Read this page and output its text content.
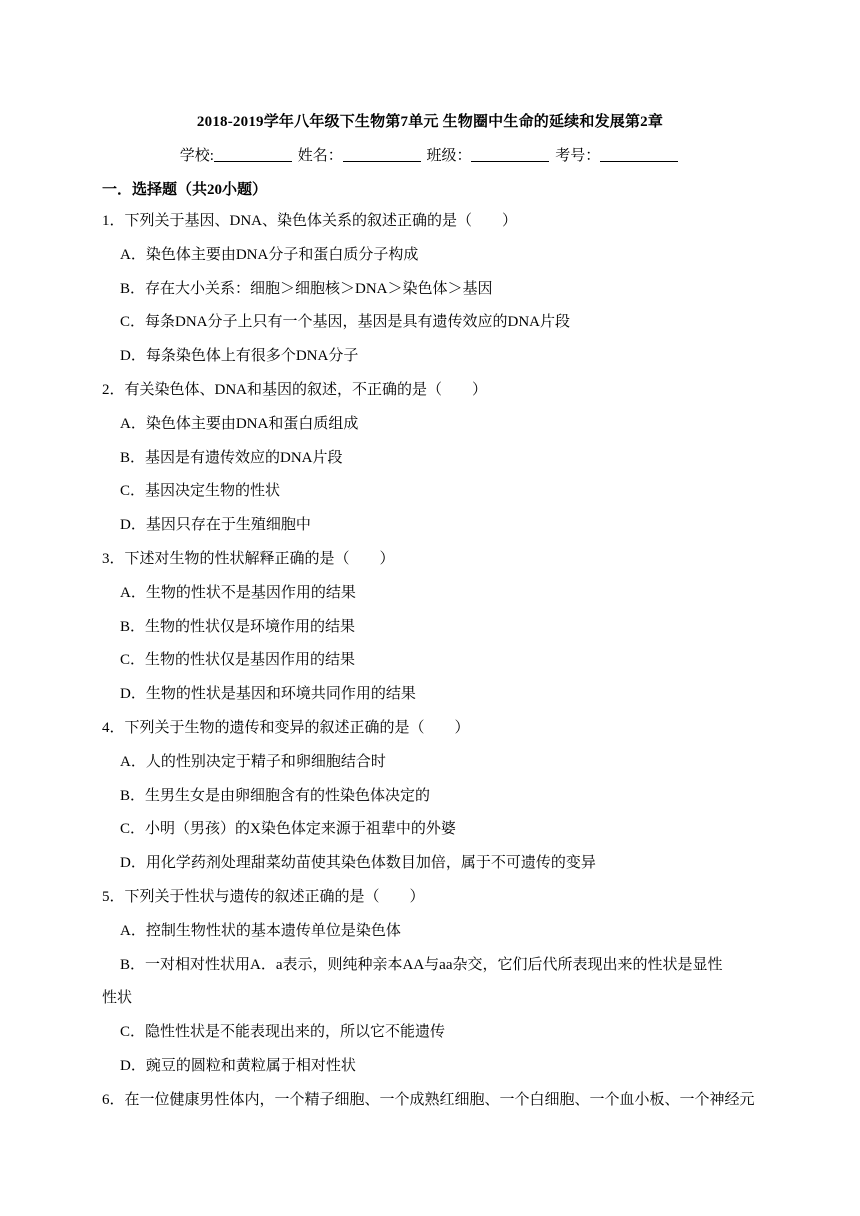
2018-2019学年八年级下生物第7单元 生物圈中生命的延续和发展第2章
学校:	姓名：	班级：	考号：
一．选择题（共20小题）
1．下列关于基因、DNA、染色体关系的叙述正确的是（　　）
A．染色体主要由DNA分子和蛋白质分子构成
B．存在大小关系：细胞＞细胞核＞DNA＞染色体＞基因
C．每条DNA分子上只有一个基因，基因是具有遗传效应的DNA片段
D．每条染色体上有很多个DNA分子
2．有关染色体、DNA和基因的叙述，不正确的是（　　）
A．染色体主要由DNA和蛋白质组成
B．基因是有遗传效应的DNA片段
C．基因决定生物的性状
D．基因只存在于生殖细胞中
3．下述对生物的性状解释正确的是（　　）
A．生物的性状不是基因作用的结果
B．生物的性状仅是环境作用的结果
C．生物的性状仅是基因作用的结果
D．生物的性状是基因和环境共同作用的结果
4．下列关于生物的遗传和变异的叙述正确的是（　　）
A．人的性别决定于精子和卵细胞结合时
B．生男生女是由卵细胞含有的性染色体决定的
C．小明（男孩）的X染色体定来源于祖辈中的外婆
D．用化学药剂处理甜菜幼苗使其染色体数目加倍，属于不可遗传的变异
5．下列关于性状与遗传的叙述正确的是（　　）
A．控制生物性状的基本遗传单位是染色体
B．一对相对性状用A．a表示，则纯种亲本AA与aa杂交，它们后代所表现出来的性状是显性
性状
C．隐性性状是不能表现出来的，所以它不能遗传
D．豌豆的圆粒和黄粒属于相对性状
6．在一位健康男性体内，一个精子细胞、一个成熟红细胞、一个白细胞、一个血小板、一个神经元
